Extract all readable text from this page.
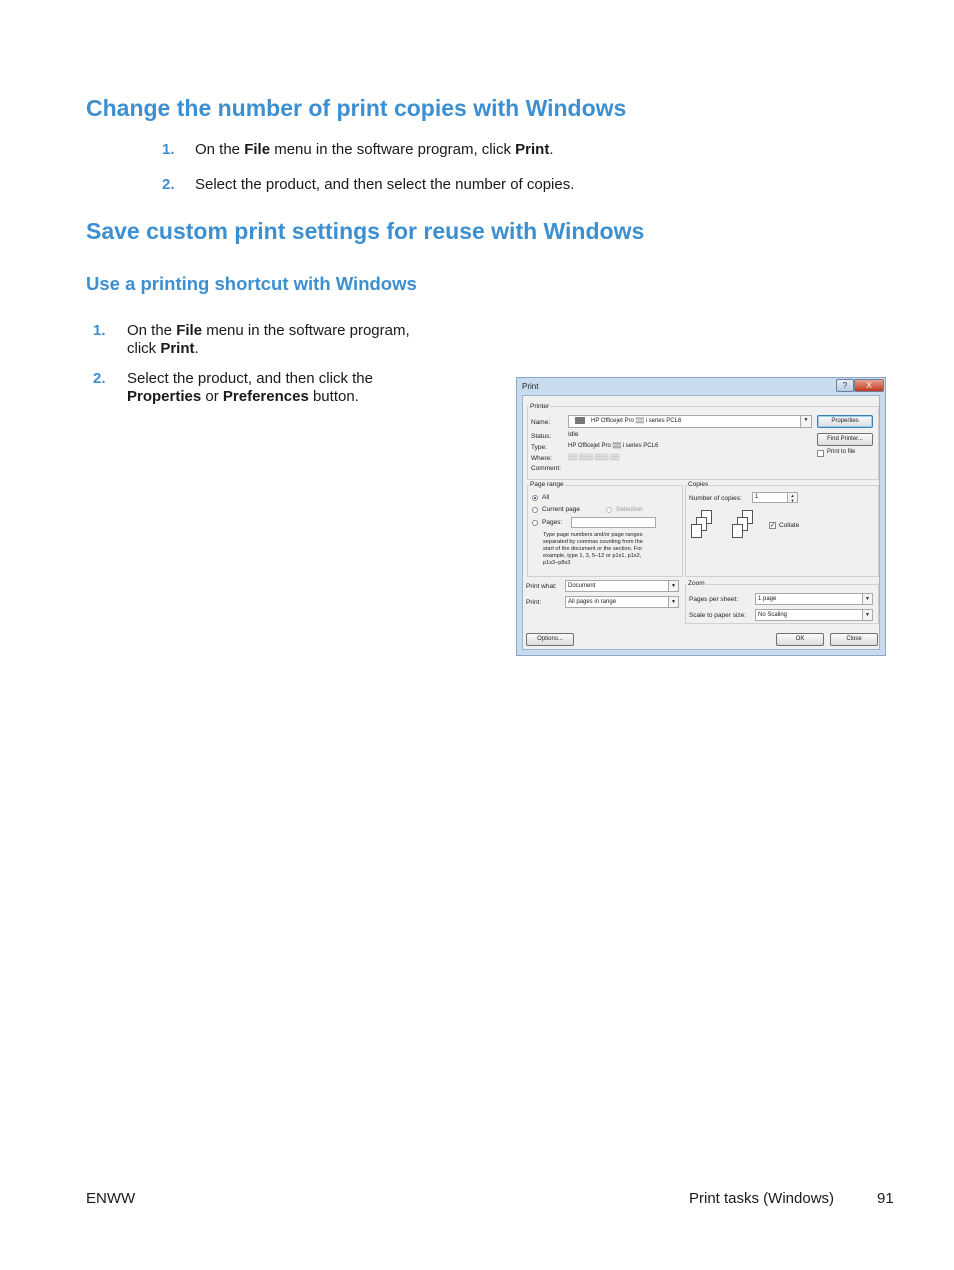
Change the number of print copies with Windows
1. On the File menu in the software program, click Print.
2. Select the product, and then select the number of copies.
Save custom print settings for reuse with Windows
Use a printing shortcut with Windows
1. On the File menu in the software program,
click Print.
2. Select the product, and then click the
Properties or Preferences button.
Print	?	X
Printer
Name:	HP Officejet Pro ▒▒ i series PCL6	▼	Properties
Status:	Idle
Find Printer...
Type:	HP Officejet Pro ▒▒ i series PCL6
Print to file
Where: ▒▒.▒▒▒.▒▒▒.▒▒
Comment:
Page range
All
Current page	Selection
Pages:
Type page numbers and/or page ranges
separated by commas counting from the
start of the document or the section. For
example, type 1, 3, 5–12 or p1s1, p1s2,
p1s3–p8s3
Copies
Number of copies:	1	▲
▼
✓ Collate
Print what:	Document	▼
Print:	All pages in range	▼
Zoom
Pages per sheet:	1 page	▼
Scale to paper size:	No Scaling	▼
Options...	OK	Close
ENWW	Print tasks (Windows)	91
